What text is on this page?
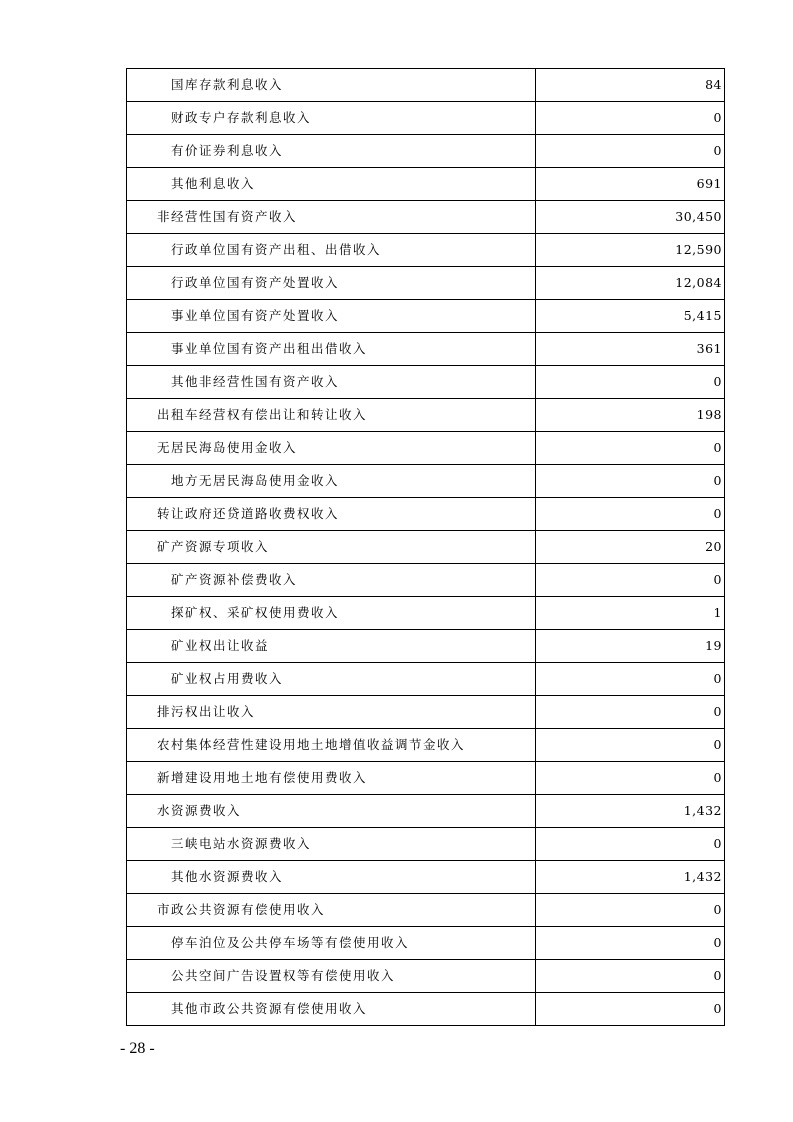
国库存款利息收入	84
财政专户存款利息收入	0
有价证券利息收入	0
其他利息收入	691
非经营性国有资产收入	30,450
行政单位国有资产出租、出借收入	12,590
行政单位国有资产处置收入	12,084
事业单位国有资产处置收入	5,415
事业单位国有资产出租出借收入	361
其他非经营性国有资产收入	0
出租车经营权有偿出让和转让收入	198
无居民海岛使用金收入	0
地方无居民海岛使用金收入	0
转让政府还贷道路收费权收入	0
矿产资源专项收入	20
矿产资源补偿费收入	0
探矿权、采矿权使用费收入	1
矿业权出让收益	19
矿业权占用费收入	0
排污权出让收入	0
农村集体经营性建设用地土地增值收益调节金收入	0
新增建设用地土地有偿使用费收入	0
水资源费收入	1,432
三峡电站水资源费收入	0
其他水资源费收入	1,432
市政公共资源有偿使用收入	0
停车泊位及公共停车场等有偿使用收入	0
公共空间广告设置权等有偿使用收入	0
其他市政公共资源有偿使用收入	0
- 28 -
